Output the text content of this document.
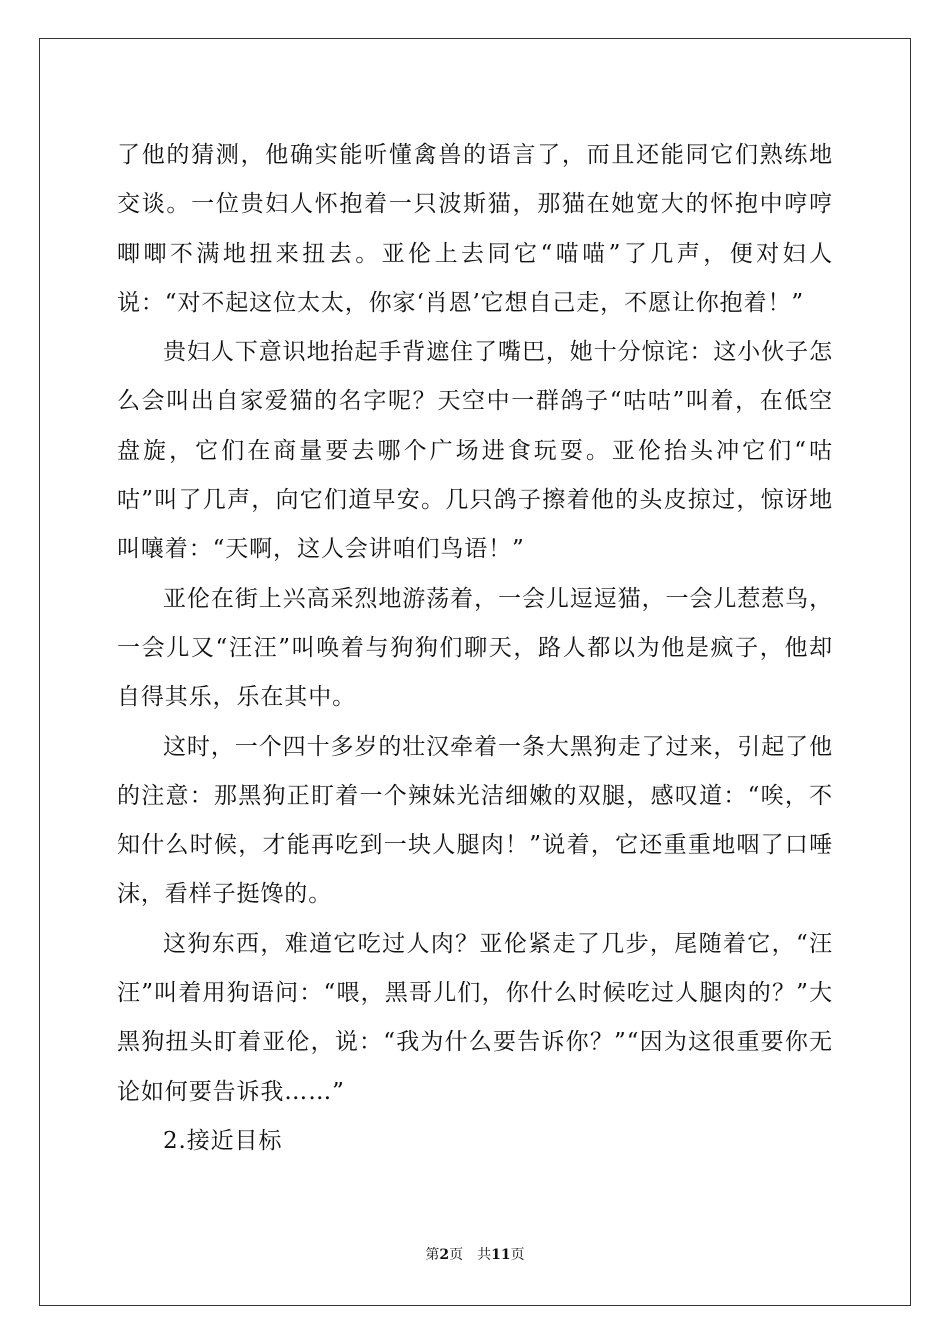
了他的猜测，他确实能听懂禽兽的语言了，而且还能同它们熟练地交谈。一位贵妇人怀抱着一只波斯猫，那猫在她宽大的怀抱中哼哼唧唧不满地扭来扭去。亚伦上去同它“喵喵”了几声，便对妇人说：“对不起这位太太，你家‘肖恩’它想自己走，不愿让你抱着！”

贵妇人下意识地抬起手背遮住了嘴巴，她十分惊诧：这小伙子怎么会叫出自家爱猫的名字呢？天空中一群鸽子“咕咕”叫着，在低空盘旋，它们在商量要去哪个广场进食玩耍。亚伦抬头冲它们“咕咕”叫了几声，向它们道早安。几只鸽子擦着他的头皮掠过，惊讶地叫嚷着：“天啊，这人会讲咱们鸟语！”

亚伦在街上兴高采烈地游荡着，一会儿逗逗猫，一会儿惹惹鸟，一会儿又“汪汪”叫唤着与狗狗们聊天，路人都以为他是疯子，他却自得其乐，乐在其中。

这时，一个四十多岁的壮汉牵着一条大黑狗走了过来，引起了他的注意：那黑狗正盯着一个辣妹光洁细嫩的双腿，感叹道：“唉，不知什么时候，才能再吃到一块人腿肉！”说着，它还重重地咽了口唾沫，看样子挺馋的。

这狗东西，难道它吃过人肉？亚伦紧走了几步，尾随着它，“汪汪”叫着用狗语问：“喂，黑哥儿们，你什么时候吃过人腿肉的？”大黑狗扭头盯着亚伦，说：“我为什么要告诉你？”“因为这很重要你无论如何要告诉我……”

2.接近目标

第2页 共11页
